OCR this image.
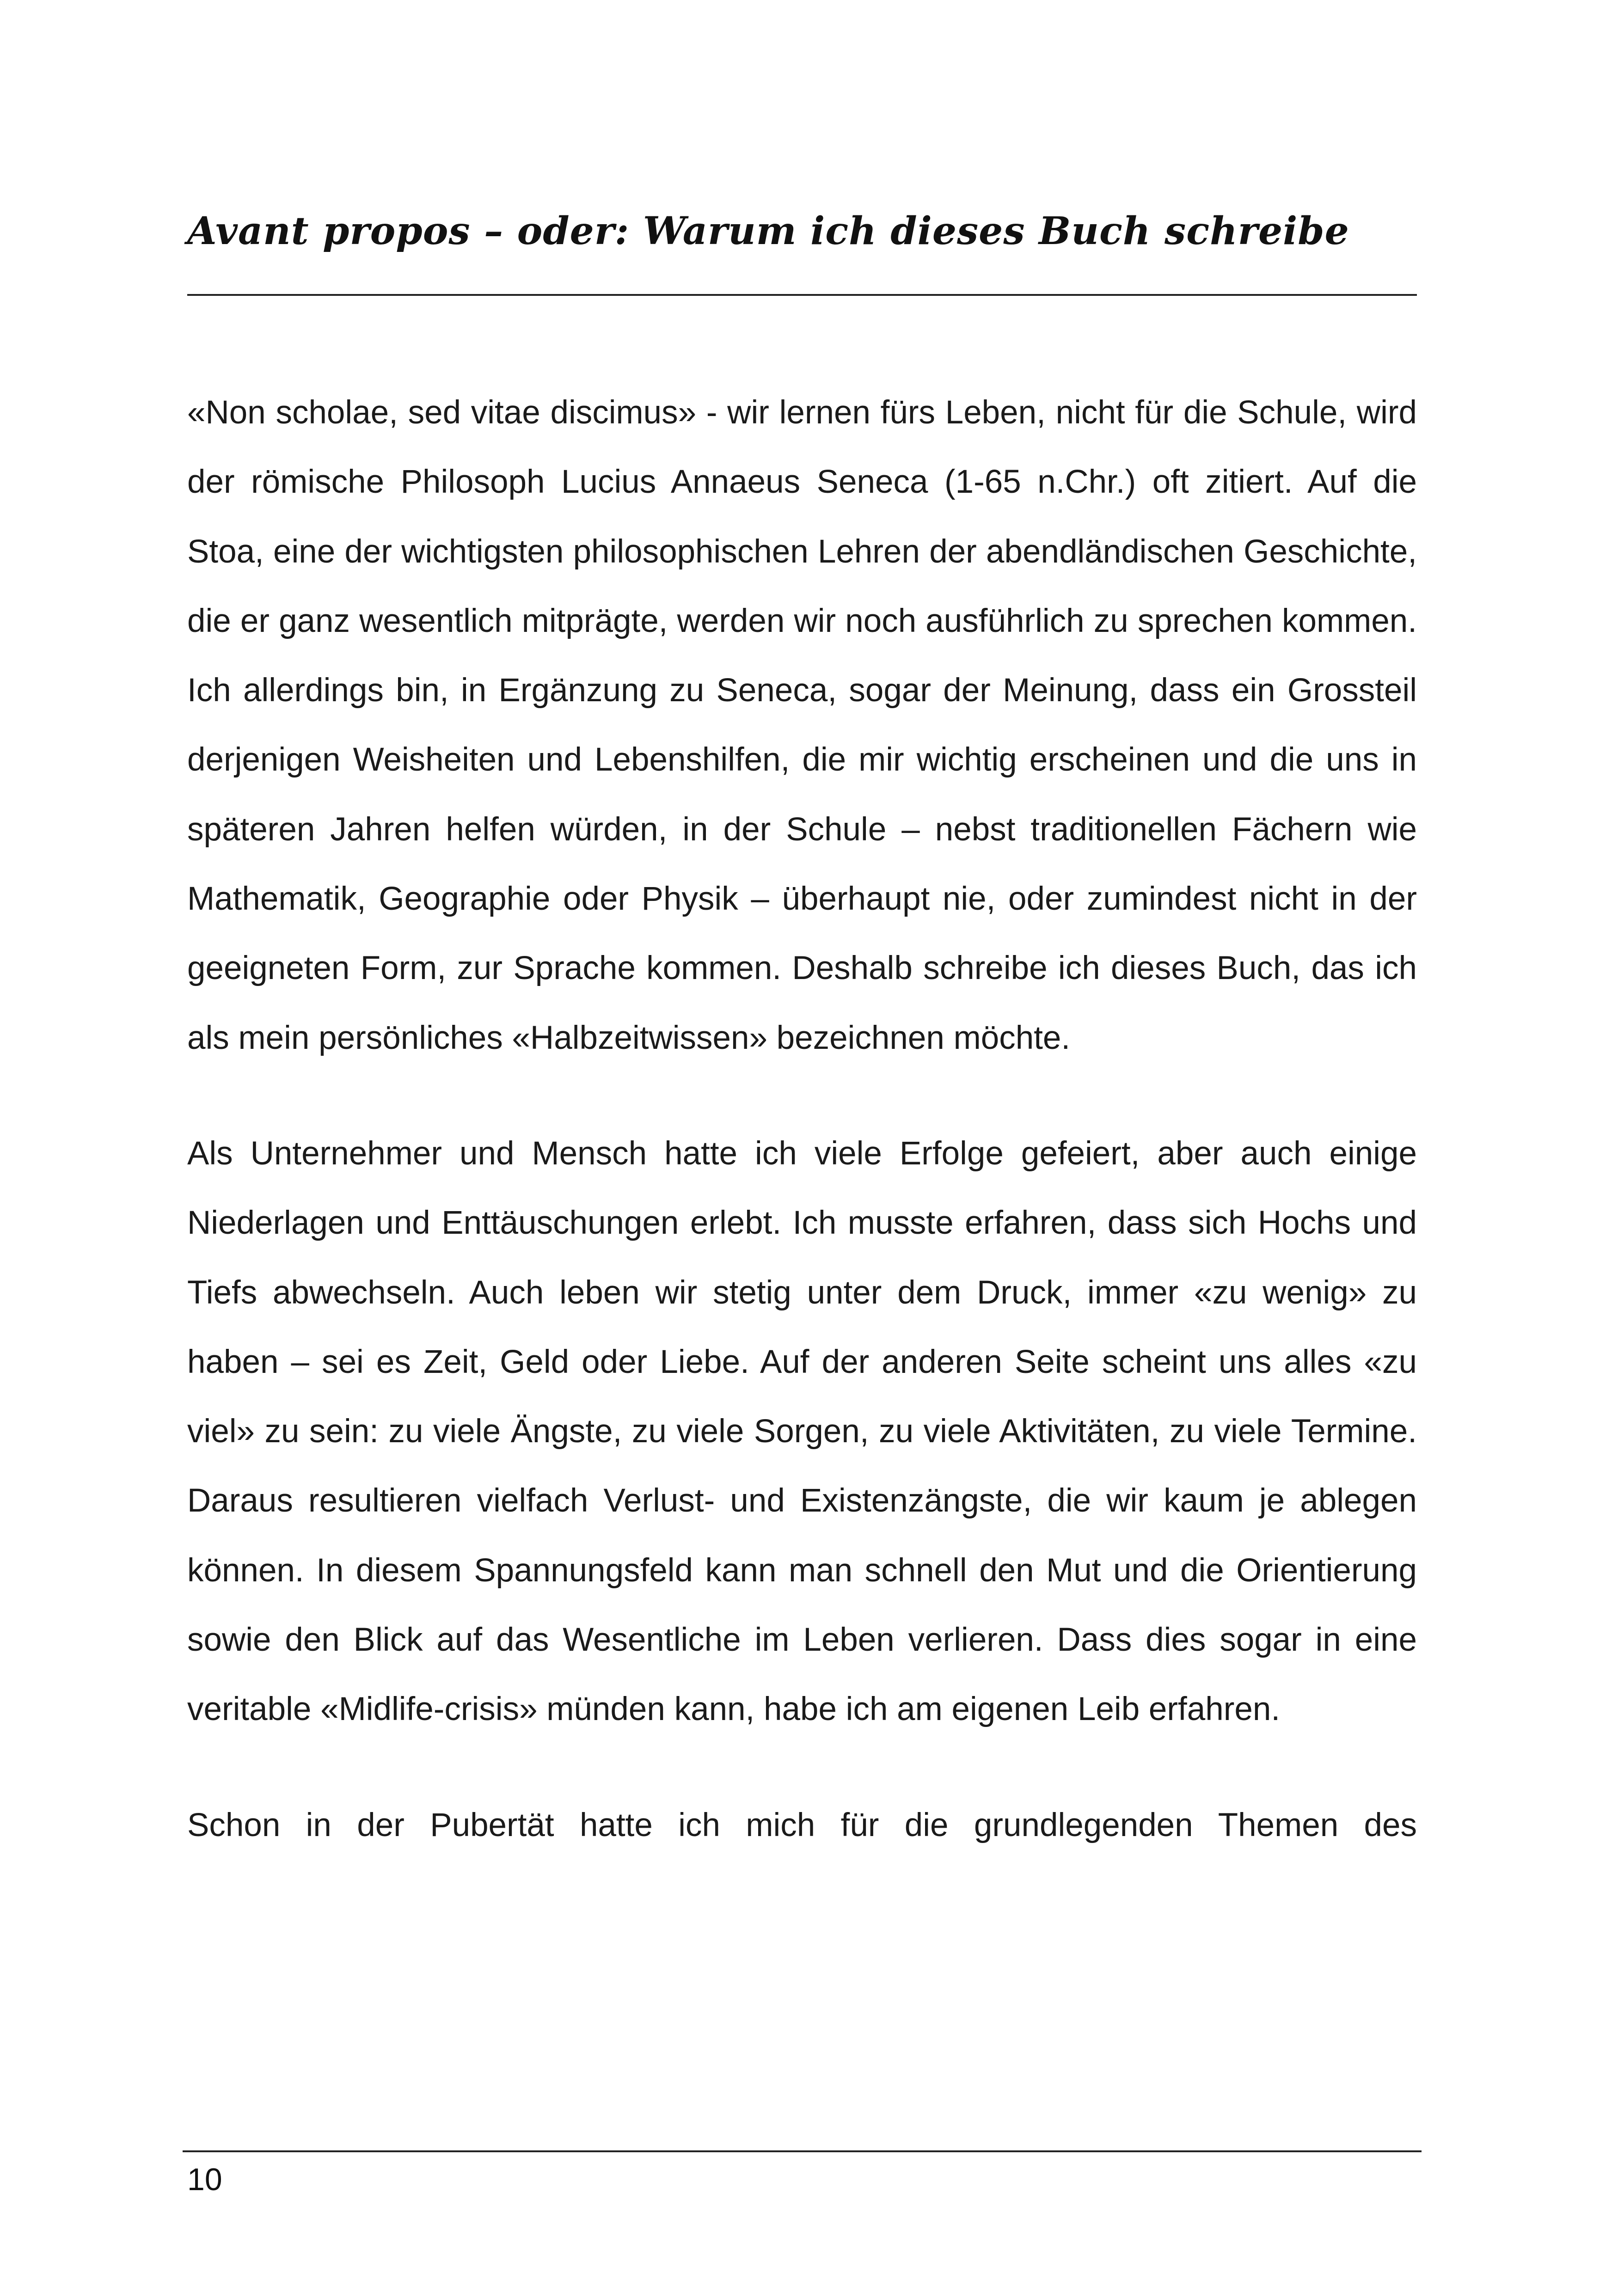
Avant propos – oder: Warum ich dieses Buch schreibe

«Non scholae, sed vitae discimus» - wir lernen fürs Leben, nicht für die Schule, wird der römische Philosoph Lucius Annaeus Seneca (1-65 n.Chr.) oft zitiert. Auf die Stoa, eine der wichtigsten philosophischen Lehren der abendländischen Geschichte, die er ganz wesentlich mitprägte, werden wir noch ausführlich zu sprechen kommen. Ich allerdings bin, in Ergänzung zu Seneca, sogar der Meinung, dass ein Grossteil derjenigen Weisheiten und Lebenshilfen, die mir wichtig erscheinen und die uns in späteren Jahren helfen würden, in der Schule – nebst traditionellen Fächern wie Mathematik, Geographie oder Physik – überhaupt nie, oder zumindest nicht in der geeigneten Form, zur Sprache kommen. Deshalb schreibe ich dieses Buch, das ich als mein persönliches «Halbzeitwissen» bezeichnen möchte.

Als Unternehmer und Mensch hatte ich viele Erfolge gefeiert, aber auch einige Niederlagen und Enttäuschungen erlebt. Ich musste erfahren, dass sich Hochs und Tiefs abwechseln. Auch leben wir stetig unter dem Druck, immer «zu wenig» zu haben – sei es Zeit, Geld oder Liebe. Auf der anderen Seite scheint uns alles «zu viel» zu sein: zu viele Ängste, zu viele Sorgen, zu viele Aktivitäten, zu viele Termine. Daraus resultieren vielfach Verlust- und Existenzängste, die wir kaum je ablegen können. In diesem Spannungsfeld kann man schnell den Mut und die Orientierung sowie den Blick auf das Wesentliche im Leben verlieren. Dass dies sogar in eine veritable «Midlife-crisis» münden kann, habe ich am eigenen Leib erfahren.

Schon in der Pubertät hatte ich mich für die grundlegenden Themen des

10
